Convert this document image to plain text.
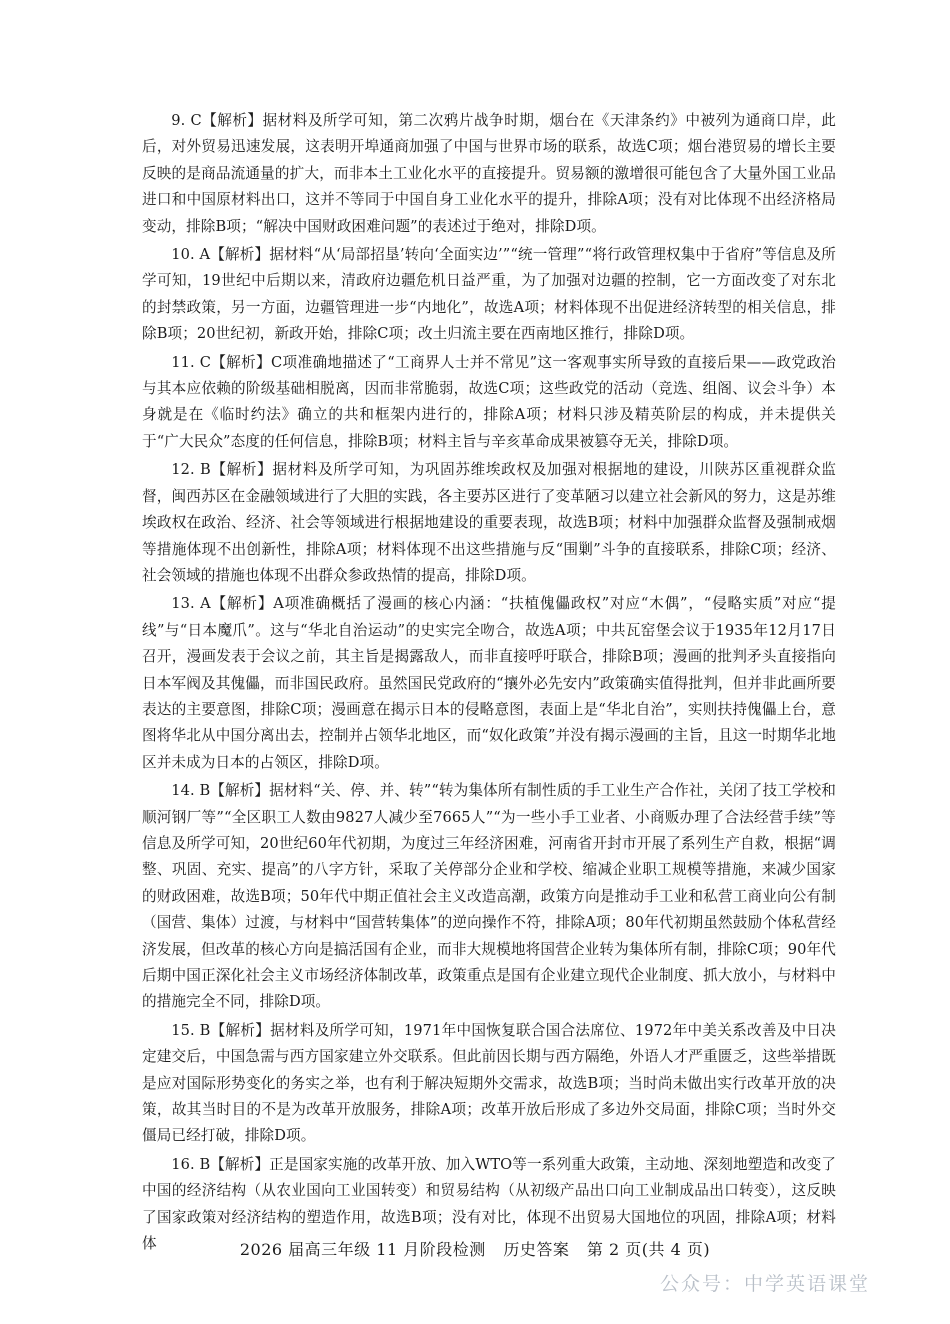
9. C【解析】据材料及所学可知，第二次鸦片战争时期，烟台在《天津条约》中被列为通商口岸，此后，对外贸易迅速发展，这表明开埠通商加强了中国与世界市场的联系，故选C项；烟台港贸易的增长主要反映的是商品流通量的扩大，而非本土工业化水平的直接提升。贸易额的激增很可能包含了大量外国工业品进口和中国原材料出口，这并不等同于中国自身工业化水平的提升，排除A项；没有对比体现不出经济格局变动，排除B项；“解决中国财政困难问题”的表述过于绝对，排除D项。

10. A【解析】据材料“从‘局部招垦’转向‘全面实边’”“统一管理”“将行政管理权集中于省府”等信息及所学可知，19世纪中后期以来，清政府边疆危机日益严重，为了加强对边疆的控制，它一方面改变了对东北的封禁政策，另一方面，边疆管理进一步“内地化”，故选A项；材料体现不出促进经济转型的相关信息，排除B项；20世纪初，新政开始，排除C项；改土归流主要在西南地区推行，排除D项。

11. C【解析】C项准确地描述了“工商界人士并不常见”这一客观事实所导致的直接后果——政党政治与其本应依赖的阶级基础相脱离，因而非常脆弱，故选C项；这些政党的活动（竞选、组阁、议会斗争）本身就是在《临时约法》确立的共和框架内进行的，排除A项；材料只涉及精英阶层的构成，并未提供关于“广大民众”态度的任何信息，排除B项；材料主旨与辛亥革命成果被篡夺无关，排除D项。

12. B【解析】据材料及所学可知，为巩固苏维埃政权及加强对根据地的建设，川陕苏区重视群众监督，闽西苏区在金融领域进行了大胆的实践，各主要苏区进行了变革陋习以建立社会新风的努力，这是苏维埃政权在政治、经济、社会等领域进行根据地建设的重要表现，故选B项；材料中加强群众监督及强制戒烟等措施体现不出创新性，排除A项；材料体现不出这些措施与反“围剿”斗争的直接联系，排除C项；经济、社会领域的措施也体现不出群众参政热情的提高，排除D项。

13. A【解析】A项准确概括了漫画的核心内涵：“扶植傀儡政权”对应“木偶”，“侵略实质”对应“提线”与“日本魔爪”。这与“华北自治运动”的史实完全吻合，故选A项；中共瓦窑堡会议于1935年12月17日召开，漫画发表于会议之前，其主旨是揭露敌人，而非直接呼吁联合，排除B项；漫画的批判矛头直接指向日本军阀及其傀儡，而非国民政府。虽然国民党政府的“攘外必先安内”政策确实值得批判，但并非此画所要表达的主要意图，排除C项；漫画意在揭示日本的侵略意图，表面上是“华北自治”，实则扶持傀儡上台，意图将华北从中国分离出去，控制并占领华北地区，而“奴化政策”并没有揭示漫画的主旨，且这一时期华北地区并未成为日本的占领区，排除D项。

14. B【解析】据材料“关、停、并、转”“转为集体所有制性质的手工业生产合作社，关闭了技工学校和顺河钢厂等”“全区职工人数由9827人减少至7665人”“为一些小手工业者、小商贩办理了合法经营手续”等信息及所学可知，20世纪60年代初期，为度过三年经济困难，河南省开封市开展了系列生产自救，根据“调整、巩固、充实、提高”的八字方针，采取了关停部分企业和学校、缩减企业职工规模等措施，来减少国家的财政困难，故选B项；50年代中期正值社会主义改造高潮，政策方向是推动手工业和私营工商业向公有制（国营、集体）过渡，与材料中“国营转集体”的逆向操作不符，排除A项；80年代初期虽然鼓励个体私营经济发展，但改革的核心方向是搞活国有企业，而非大规模地将国营企业转为集体所有制，排除C项；90年代后期中国正深化社会主义市场经济体制改革，政策重点是国有企业建立现代企业制度、抓大放小，与材料中的措施完全不同，排除D项。

15. B【解析】据材料及所学可知，1971年中国恢复联合国合法席位、1972年中美关系改善及中日决定建交后，中国急需与西方国家建立外交联系。但此前因长期与西方隔绝，外语人才严重匮乏，这些举措既是应对国际形势变化的务实之举，也有利于解决短期外交需求，故选B项；当时尚未做出实行改革开放的决策，故其当时目的不是为改革开放服务，排除A项；改革开放后形成了多边外交局面，排除C项；当时外交僵局已经打破，排除D项。

16. B【解析】正是国家实施的改革开放、加入WTO等一系列重大政策，主动地、深刻地塑造和改变了中国的经济结构（从农业国向工业国转变）和贸易结构（从初级产品出口向工业制成品出口转变），这反映了国家政策对经济结构的塑造作用，故选B项；没有对比，体现不出贸易大国地位的巩固，排除A项；材料体	2026 届高三年级 11 月阶段检测 历史答案 第 2 页(共 4 页)
公众号：中学英语课堂
